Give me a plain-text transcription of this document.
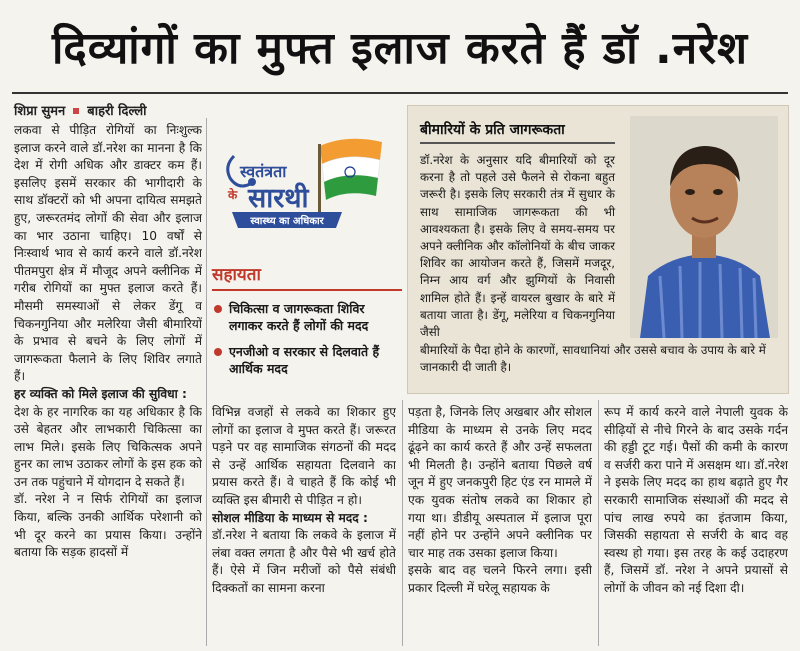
दिव्यांगों का मुफ्त इलाज करते हैं डॉ .नरेश
शिप्रा सुमन बाहरी दिल्ली

लकवा से पीड़ित रोगियों का निःशुल्क इलाज करने वाले डॉ.नरेश का मानना है कि देश में रोगी अधिक और डाक्टर कम हैं। इसलिए इसमें सरकार की भागीदारी के साथ डॉक्टरों को भी अपना दायित्व समझते हुए, जरूरतमंद लोगों की सेवा और इलाज का भार उठाना चाहिए। 10 वर्षों से निःस्वार्थ भाव से कार्य करने वाले डॉ.नरेश पीतमपुरा क्षेत्र में मौजूद अपने क्लीनिक में गरीब रोगियों का मुफ्त इलाज करते हैं। मौसमी समस्याओं से लेकर डेंगू व चिकनगुनिया और मलेरिया जैसी बीमारियों के प्रभाव से बचने के लिए लोगों में जागरूकता फैलाने के लिए शिविर लगाते हैं।

हर व्यक्ति को मिले इलाज की सुविधा :

देश के हर नागरिक का यह अधिकार है कि उसे बेहतर और लाभकारी चिकित्सा का लाभ मिले। इसके लिए चिकित्सक अपने हुनर का लाभ उठाकर लोगों के इस हक को उन तक पहुंचाने में योगदान दे सकते हैं।

डॉ. नरेश ने न सिर्फ रोगियों का इलाज किया, बल्कि उनकी आर्थिक परेशानी को भी दूर करने का प्रयास किया। उन्होंने बताया कि सड़क हादसों में

स्वतंत्रता
के सारथी
स्वास्थ्य का अधिकार
सहायता
चिकित्सा व जागरूकता शिविर लगाकर करते हैं लोगों की मदद
एनजीओ व सरकार से दिलवाते हैं आर्थिक मदद
बीमारियों के प्रति जागरूकता
डॉ.नरेश के अनुसार यदि बीमारियों को दूर करना है तो पहले उसे फैलने से रोकना बहुत जरूरी है। इसके लिए सरकारी तंत्र में सुधार के साथ सामाजिक जागरूकता की भी आवश्यकता है। इसके लिए वे समय-समय पर अपने क्लीनिक और कॉलोनियों के बीच जाकर शिविर का आयोजन करते हैं, जिसमें मजदूर, निम्न आय वर्ग और झुग्गियों के निवासी शामिल होते हैं। इन्हें वायरल बुखार के बारे में बताया जाता है। डेंगू, मलेरिया व चिकनगुनिया जैसी
बीमारियों के पैदा होने के कारणों, सावधानियां और उससे बचाव के उपाय के बारे में जानकारी दी जाती है।

विभिन्न वजहों से लकवे का शिकार हुए लोगों का इलाज वे मुफ्त करते हैं। जरूरत पड़ने पर वह सामाजिक संगठनों की मदद से उन्हें आर्थिक सहायता दिलवाने का प्रयास करते हैं। वे चाहते हैं कि कोई भी व्यक्ति इस बीमारी से पीड़ित न हो।

सोशल मीडिया के माध्यम से मदद :

डॉ.नरेश ने बताया कि लकवे के इलाज में लंबा वक्त लगता है और पैसे भी खर्च होते हैं। ऐसे में जिन मरीजों को पैसे संबंधी दिक्कतों का सामना करना

पड़ता है, जिनके लिए अखबार और सोशल मीडिया के माध्यम से उनके लिए मदद ढूंढ़ने का कार्य करते हैं और उन्हें सफलता भी मिलती है। उन्होंने बताया पिछले वर्ष जून में हुए जनकपुरी हिट एंड रन मामले में एक युवक संतोष लकवे का शिकार हो गया था। डीडीयू अस्पताल में इलाज पूरा नहीं होने पर उन्होंने अपने क्लीनिक पर चार माह तक उसका इलाज किया।

इसके बाद वह चलने फिरने लगा। इसी प्रकार दिल्ली में घरेलू सहायक के

रूप में कार्य करने वाले नेपाली युवक के सीढ़ियों से नीचे गिरने के बाद उसके गर्दन की हड्डी टूट गई। पैसों की कमी के कारण व सर्जरी करा पाने में असक्षम था। डॉ.नरेश ने इसके लिए मदद का हाथ बढ़ाते हुए गैर सरकारी सामाजिक संस्थाओं की मदद से पांच लाख रुपये का इंतजाम किया, जिसकी सहायता से सर्जरी के बाद वह स्वस्थ हो गया। इस तरह के कई उदाहरण हैं, जिसमें डॉ. नरेश ने अपने प्रयासों से लोगों के जीवन को नई दिशा दी।
